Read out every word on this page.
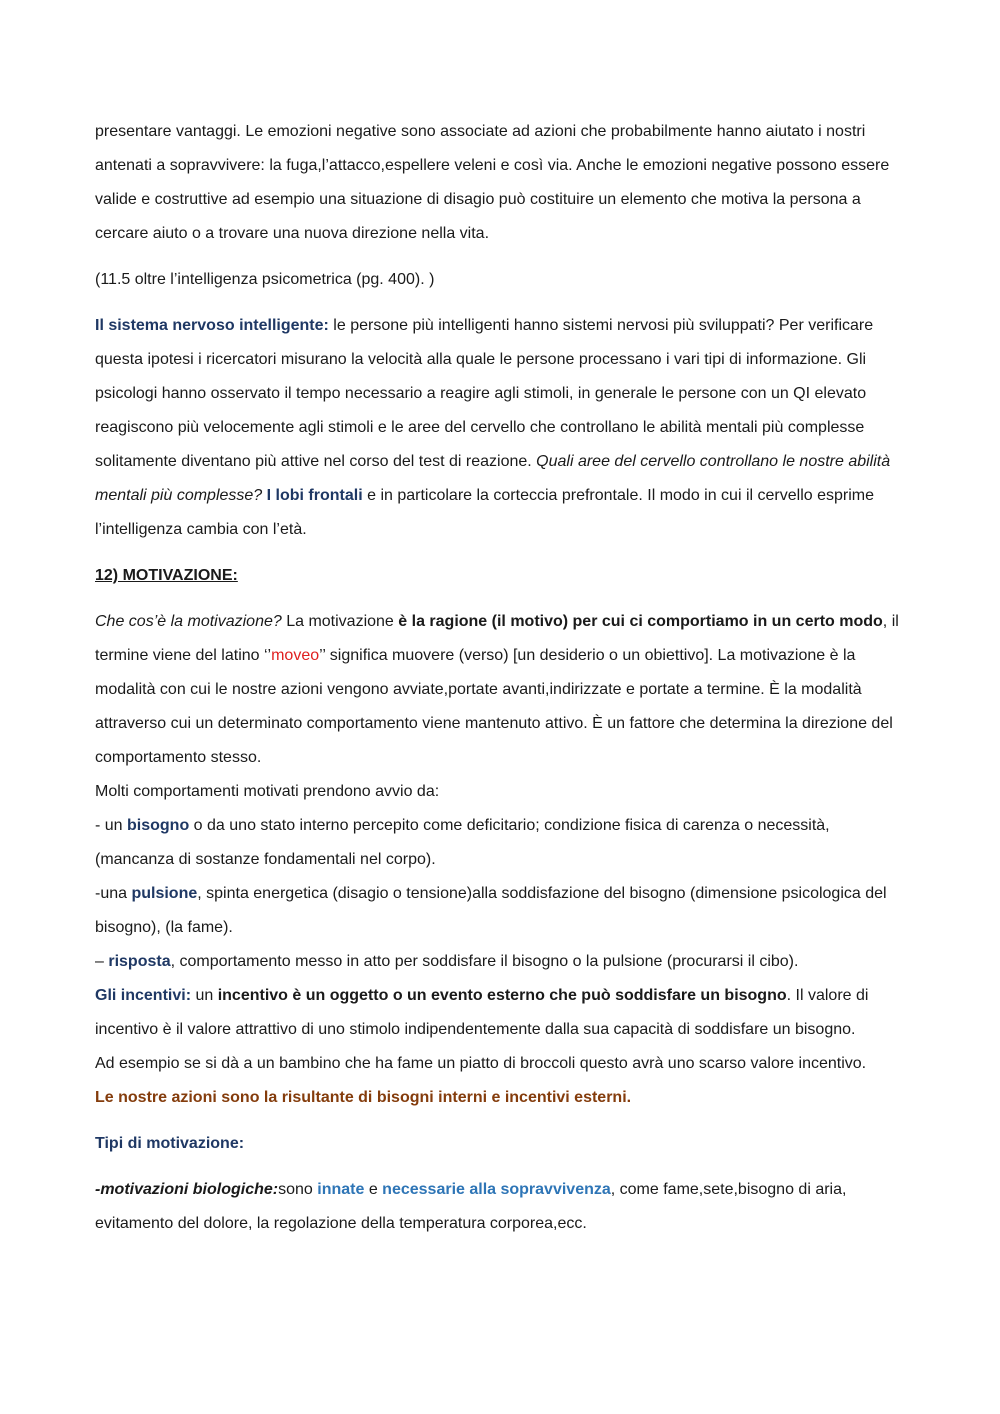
presentare vantaggi. Le emozioni negative sono associate ad azioni che probabilmente hanno aiutato i nostri antenati a sopravvivere: la fuga,l’attacco,espellere veleni e così via. Anche le emozioni negative possono essere valide e costruttive ad esempio una situazione di disagio può costituire un elemento che motiva la persona a cercare aiuto o a trovare una nuova direzione nella vita.

(11.5 oltre l’intelligenza psicometrica (pg. 400). )

Il sistema nervoso intelligente: le persone più intelligenti hanno sistemi nervosi più sviluppati? Per verificare questa ipotesi i ricercatori misurano la velocità alla quale le persone processano i vari tipi di informazione. Gli psicologi hanno osservato il tempo necessario a reagire agli stimoli, in generale le persone con un QI elevato reagiscono più velocemente agli stimoli e le aree del cervello che controllano le abilità mentali più complesse solitamente diventano più attive nel corso del test di reazione. Quali aree del cervello controllano le nostre abilità mentali più complesse? I lobi frontali e in particolare la corteccia prefrontale. Il modo in cui il cervello esprime l’intelligenza cambia con l’età.

12) MOTIVAZIONE:

Che cos’è la motivazione? La motivazione è la ragione (il motivo) per cui ci comportiamo in un certo modo, il termine viene del latino ‘’moveo’’ significa muovere (verso) [un desiderio o un obiettivo]. La motivazione è la modalità con cui le nostre azioni vengono avviate,portate avanti,indirizzate e portate a termine. È la modalità attraverso cui un determinato comportamento viene mantenuto attivo. È un fattore che determina la direzione del comportamento stesso.

Molti comportamenti motivati prendono avvio da:

- un bisogno o da uno stato interno percepito come deficitario; condizione fisica di carenza o necessità, (mancanza di sostanze fondamentali nel corpo).

-una pulsione, spinta energetica (disagio o tensione)alla soddisfazione del bisogno (dimensione psicologica del bisogno), (la fame).

– risposta, comportamento messo in atto per soddisfare il bisogno o la pulsione (procurarsi il cibo).

Gli incentivi: un incentivo è un oggetto o un evento esterno che può soddisfare un bisogno. Il valore di incentivo è il valore attrattivo di uno stimolo indipendentemente dalla sua capacità di soddisfare un bisogno.

Ad esempio se si dà a un bambino che ha fame un piatto di broccoli questo avrà uno scarso valore incentivo.

Le nostre azioni sono la risultante di bisogni interni e incentivi esterni.

Tipi di motivazione:

-motivazioni biologiche:sono innate e necessarie alla sopravvivenza, come fame,sete,bisogno di aria, evitamento del dolore, la regolazione della temperatura corporea,ecc.
